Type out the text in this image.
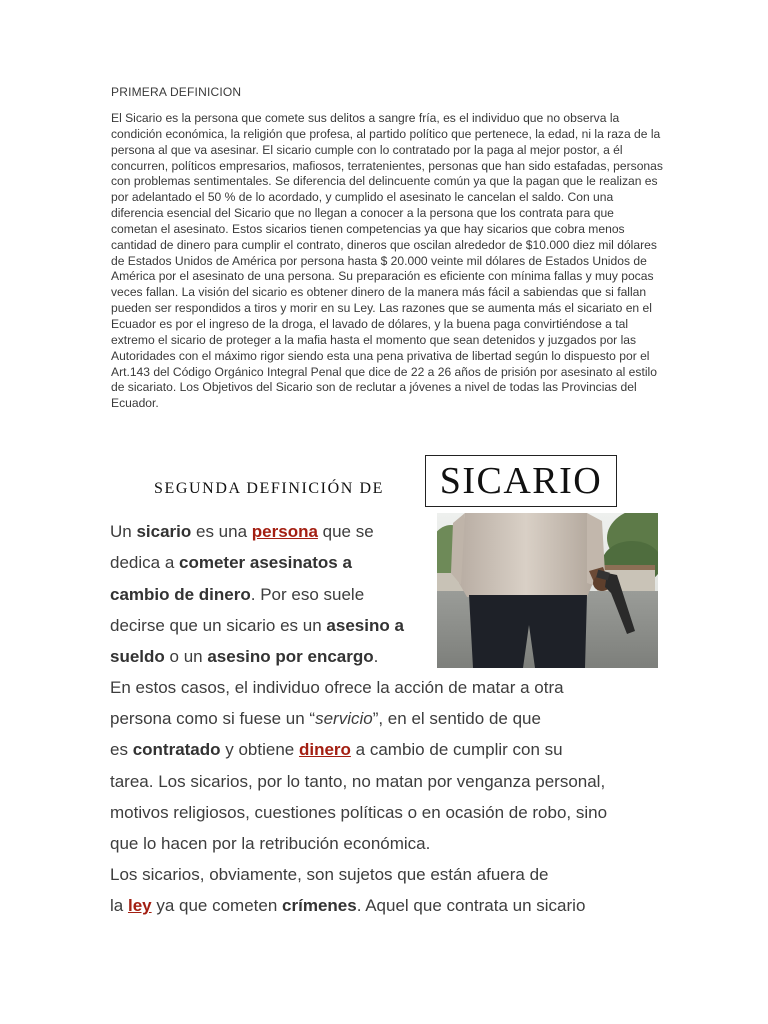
PRIMERA DEFINICION
El Sicario es la persona que comete sus delitos a sangre fría, es el individuo que no observa la condición económica, la religión que profesa, al partido político que pertenece, la edad, ni la raza de la persona al que va asesinar. El sicario cumple con lo contratado por la paga al mejor postor, a él concurren, políticos empresarios, mafiosos, terratenientes, personas que han sido estafadas, personas con problemas sentimentales. Se diferencia del delincuente común ya que la pagan que le realizan es por adelantado el 50 % de lo acordado, y cumplido el asesinato le cancelan el saldo. Con una diferencia esencial del Sicario que no llegan a conocer a la persona que los contrata para que cometan el asesinato. Estos sicarios tienen competencias ya que hay sicarios que cobra menos cantidad de dinero para cumplir el contrato, dineros que oscilan alrededor de $10.000 diez mil dólares de Estados Unidos de América por persona hasta $ 20.000 veinte mil dólares de Estados Unidos de América por el asesinato de una persona. Su preparación es eficiente con mínima fallas y muy pocas veces fallan. La visión del sicario es obtener dinero de la manera más fácil a sabiendas que si fallan pueden ser respondidos a tiros y morir en su Ley. Las razones que se aumenta más el sicariato en el Ecuador es por el ingreso de la droga, el lavado de dólares, y la buena paga convirtiéndose a tal extremo el sicario de proteger a la mafia hasta el momento que sean detenidos y juzgados por las Autoridades con el máximo rigor siendo esta una pena privativa de libertad según lo dispuesto por el Art.143 del Código Orgánico Integral Penal que dice de 22 a 26 años de prisión por asesinato al estilo de sicariato. Los Objetivos del Sicario son de reclutar a jóvenes a nivel de todas las Provincias del Ecuador.
SEGUNDA DEFINICIÓN DE	SICARIO
Un sicario es una persona que se
dedica a cometer asesinatos a
cambio de dinero. Por eso suele
decirse que un sicario es un asesino a
sueldo o un asesino por encargo.
En estos casos, el individuo ofrece la acción de matar a otra
persona como si fuese un “servicio”, en el sentido de que
es contratado y obtiene dinero a cambio de cumplir con su
tarea. Los sicarios, por lo tanto, no matan por venganza personal,
motivos religiosos, cuestiones políticas o en ocasión de robo, sino
que lo hacen por la retribución económica.
Los sicarios, obviamente, son sujetos que están afuera de
la ley ya que cometen crímenes. Aquel que contrata un sicario
